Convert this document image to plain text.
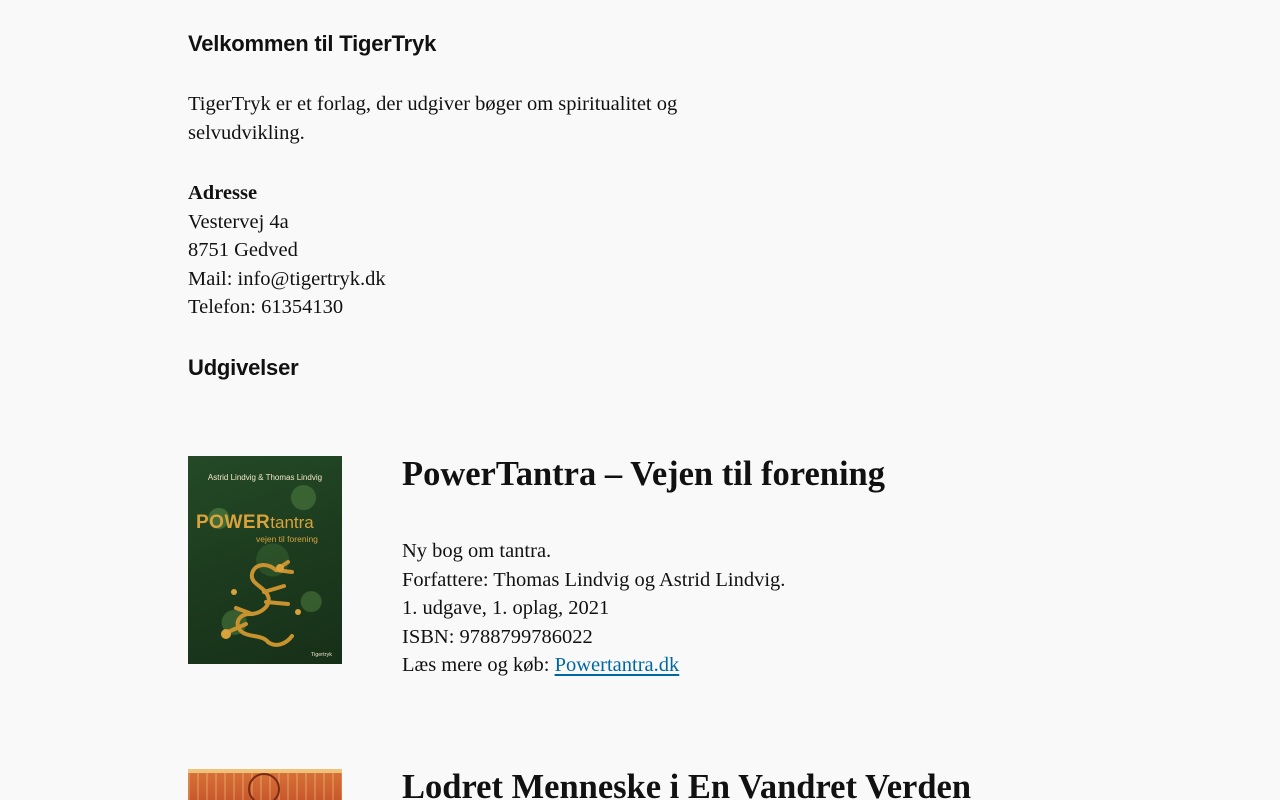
Velkommen til TigerTryk

TigerTryk er et forlag, der udgiver bøger om spiritualitet og
selvudvikling.

Adresse
Vestervej 4a
8751 Gedved
Mail: info@tigertryk.dk
Telefon: 61354130
Udgivelser
Astrid Lindvig & Thomas Lindvig
POWERtantra
vejen til forening
Tigertryk
PowerTantra – Vejen til forening
Ny bog om tantra.
Forfattere: Thomas Lindvig og Astrid Lindvig.
1. udgave, 1. oplag, 2021
ISBN: 9788799786022
Læs mere og køb: Powertantra.dk
Lodret Menneske i En Vandret Verden
